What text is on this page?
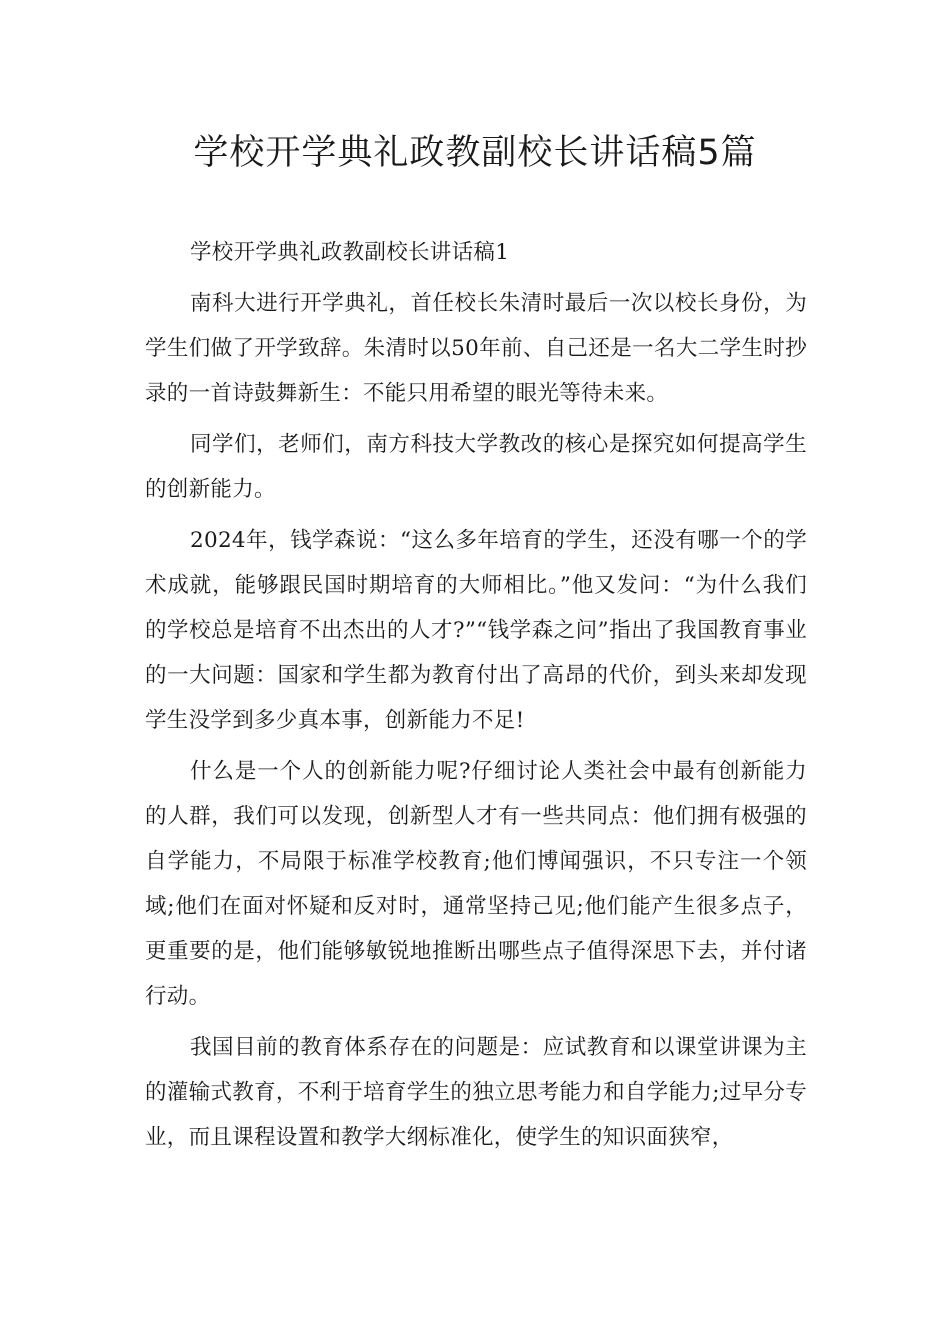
学校开学典礼政教副校长讲话稿5篇

学校开学典礼政教副校长讲话稿1

南科大进行开学典礼，首任校长朱清时最后一次以校长身份，为学生们做了开学致辞。朱清时以50年前、自己还是一名大二学生时抄录的一首诗鼓舞新生：不能只用希望的眼光等待未来。

同学们，老师们，南方科技大学教改的核心是探究如何提高学生的创新能力。

2024年，钱学森说：“这么多年培育的学生，还没有哪一个的学术成就，能够跟民国时期培育的大师相比。”他又发问：“为什么我们的学校总是培育不出杰出的人才?”“钱学森之问”指出了我国教育事业的一大问题：国家和学生都为教育付出了高昂的代价，到头来却发现学生没学到多少真本事，创新能力不足!

什么是一个人的创新能力呢?仔细讨论人类社会中最有创新能力的人群，我们可以发现，创新型人才有一些共同点：他们拥有极强的自学能力，不局限于标准学校教育;他们博闻强识，不只专注一个领域;他们在面对怀疑和反对时，通常坚持己见;他们能产生很多点子，更重要的是，他们能够敏锐地推断出哪些点子值得深思下去，并付诸行动。

我国目前的教育体系存在的问题是：应试教育和以课堂讲课为主的灌输式教育，不利于培育学生的独立思考能力和自学能力;过早分专业，而且课程设置和教学大纲标准化，使学生的知识面狭窄，
